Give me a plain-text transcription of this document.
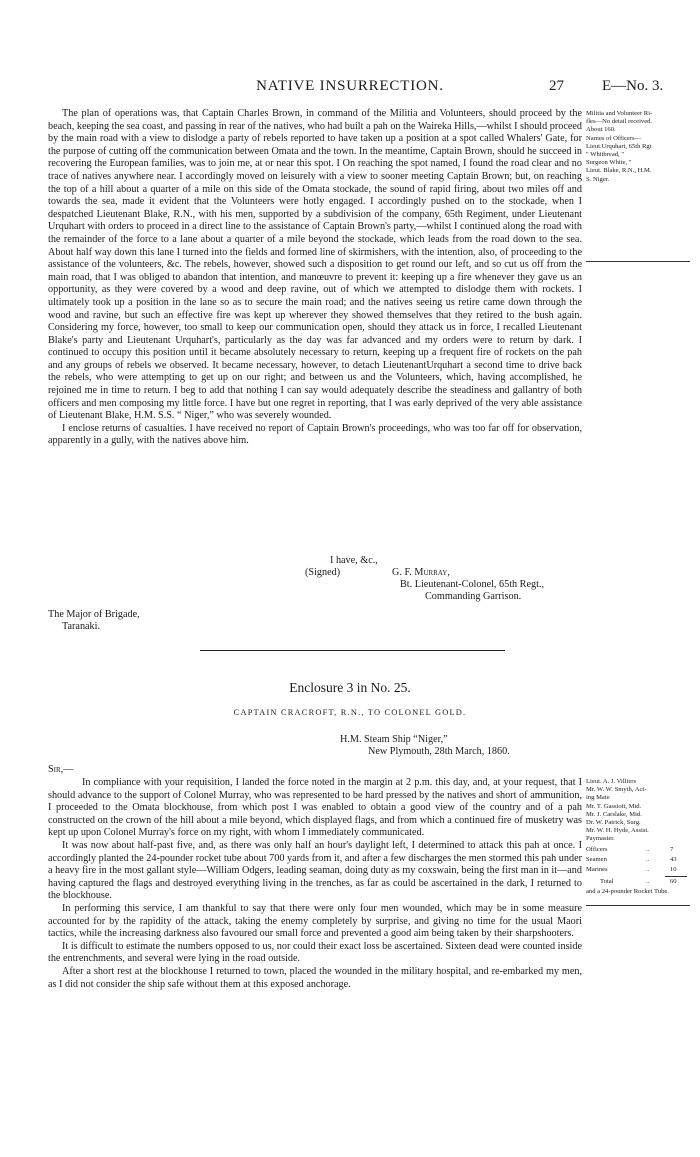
NATIVE INSURRECTION.	27	E—No. 3.

The plan of operations was, that Captain Charles Brown, in command of the Militia and Volunteers, should proceed by the beach, keeping the sea coast, and passing in rear of the natives, who had built a pah on the Waireka Hills,—whilst I should proceed by the main road with a view to dislodge a party of rebels reported to have taken up a position at a spot called Whalers' Gate, for the purpose of cutting off the communication between Omata and the town. In the meantime, Captain Brown, should he succeed in recovering the European families, was to join me, at or near this spot. I On reaching the spot named, I found the road clear and no trace of natives anywhere near. I accordingly moved on leisurely with a view to sooner meeting Captain Brown; but, on reaching the top of a hill about a quarter of a mile on this side of the Omata stockade, the sound of rapid firing, about two miles off and towards the sea, made it evident that the Volunteers were hotly engaged. I accordingly pushed on to the stockade, when I despatched Lieutenant Blake, R.N., with his men, supported by a subdivision of the company, 65th Regiment, under Lieutenant Urquhart with orders to proceed in a direct line to the assistance of Captain Brown's party,—whilst I continued along the road with the remainder of the force to a lane about a quarter of a mile beyond the stockade, which leads from the road down to the sea. About half way down this lane I turned into the fields and formed line of skirmishers, with the intention, also, of proceeding to the assistance of the volunteers, &c. The rebels, however, showed such a disposition to get round our left, and so cut us off from the main road, that I was obliged to abandon that intention, and manœuvre to prevent it: keeping up a fire whenever they gave us an opportunity, as they were covered by a wood and deep ravine, out of which we attempted to dislodge them with rockets. I ultimately took up a position in the lane so as to secure the main road; and the natives seeing us retire came down through the wood and ravine, but such an effective fire was kept up wherever they showed themselves that they retired to the bush again. Considering my force, however, too small to keep our communication open, should they attack us in force, I recalled Lieutenant Blake's party and Lieutenant Urquhart's, particularly as the day was far advanced and my orders were to return by dark. I continued to occupy this position until it became absolutely necessary to return, keeping up a frequent fire of rockets on the pah and any groups of rebels we observed. It became necessary, however, to detach LieutenantUrquhart a second time to drive back the rebels, who were attempting to get up on our right; and between us and the Volunteers, which, having accomplished, he rejoined me in time to return. I beg to add that nothing I can say would adequately describe the steadiness and gallantry of both officers and men composing my little force. I have but one regret in reporting, that I was early deprived of the very able assistance of Lieutenant Blake, H.M. S.S. “ Niger,” who was severely wounded.

I enclose returns of casualties. I have received no report of Captain Brown's proceedings, who was too far off for observation, apparently in a gully, with the natives above him.

Militia and Volunteer Ri-
fles—No detail received.
About 160.
Names of Officers—
Lieut.Urquhart, 65th Rgt
" Whitbread, "
Surgeon White, "
Lieut. Blake, R.N., H.M.
S. Niger.
I have, &c.,
(Signed)	G. F. Murray,
Bt. Lieutenant-Colonel, 65th Regt.,
Commanding Garrison.
The Major of Brigade,
Taranaki.
Enclosure 3 in No. 25.
CAPTAIN CRACROFT, R.N., TO COLONEL GOLD.
H.M. Steam Ship “Niger,”
New Plymouth, 28th March, 1860.
Sir,—

In compliance with your requisition, I landed the force noted in the margin at 2 p.m. this day, and, at your request, that I should advance to the support of Colonel Murray, who was represented to be hard pressed by the natives and short of ammunition, I proceeded to the Omata blockhouse, from which post I was enabled to obtain a good view of the country and of a pah constructed on the crown of the hill about a mile beyond, which displayed flags, and from which a continued fire of musketry was kept up upon Colonel Murray's force on my right, with whom I immediately communicated.

It was now about half-past five, and, as there was only half an hour's daylight left, I determined to attack this pah at once. I accordingly planted the 24-pounder rocket tube about 700 yards from it, and after a few discharges the men stormed this pah under a heavy fire in the most gallant style—William Odgers, leading seaman, doing duty as my coxswain, being the first man in it—and having captured the flags and destroyed everything living in the trenches, as far as could be ascertained in the dark, I returned to the blockhouse.

In performing this service, I am thankful to say that there were only four men wounded, which may be in some measure accounted for by the rapidity of the attack, taking the enemy completely by surprise, and giving no time for the usual Maori tactics, while the increasing darkness also favoured our small force and prevented a good aim being taken by their sharpshooters.

It is difficult to estimate the numbers opposed to us, nor could their exact loss be ascertained. Sixteen dead were counted inside the entrenchments, and several were lying in the road outside.

After a short rest at the blockhouse I returned to town, placed the wounded in the military hospital, and re-embarked my men, as I did not consider the ship safe without them at this exposed anchorage.

Lieut. A. J. Villiers
Mr. W. W. Smyth, Act-
ing Mate
Mr. T. Gassiott, Mid.
Mr. J. Carslake, Mid.
Dr. W. Patrick, Surg.
Mr. W. H. Hyde, Assist.
Paymaster.
Officers	..	7
Seamen	..	43
Marines	..	10
Total	..	60
and a 24-pounder Rocket Tube.
